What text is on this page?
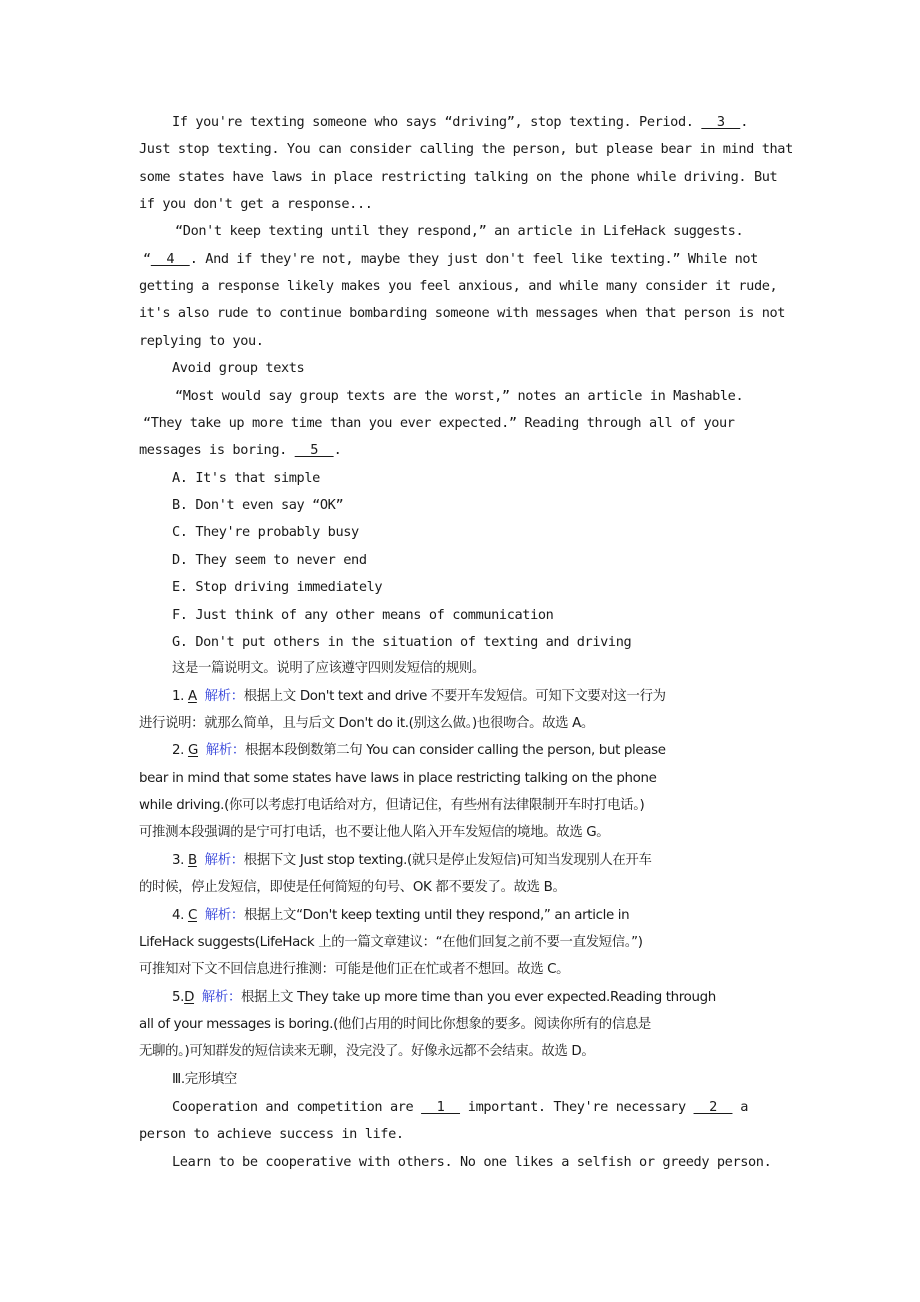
If you're texting someone who says “driving”, stop texting. Period.   3  .
Just stop texting. You can consider calling the person, but please bear in mind that
some states have laws in place restricting talking on the phone while driving. But
if you don't get a response...
“Don't keep texting until they respond,” an article in LifeHack suggests.
“  4  . And if they're not, maybe they just don't feel like texting.” While not
getting a response likely makes you feel anxious, and while many consider it rude,
it's also rude to continue bombarding someone with messages when that person is not
replying to you.
Avoid group texts
“Most would say group texts are the worst,” notes an article in Mashable.
“They take up more time than you ever expected.” Reading through all of your
messages is boring.   5  .
A. It's that simple
B. Don't even say “OK”
C. They're probably busy
D. They seem to never end
E. Stop driving immediately
F. Just think of any other means of communication
G. Don't put others in the situation of texting and driving
这是一篇说明文。说明了应该遵守四则发短信的规则。
1. A 解析：根据上文 Don't text and drive 不要开车发短信。可知下文要对这一行为
进行说明：就那么简单，且与后文 Don't do it.(别这么做。)也很吻合。故选 A。
2. G 解析：根据本段倒数第二句 You can consider calling the person, but please
bear in mind that some states have laws in place restricting talking on the phone
while driving.(你可以考虑打电话给对方，但请记住，有些州有法律限制开车时打电话。)
可推测本段强调的是宁可打电话，也不要让他人陷入开车发短信的境地。故选 G。
3. B 解析：根据下文 Just stop texting.(就只是停止发短信)可知当发现别人在开车
的时候，停止发短信，即使是任何简短的句号、OK 都不要发了。故选 B。
4. C 解析：根据上文“Don't keep texting until they respond,” an article in
LifeHack suggests(LifeHack 上的一篇文章建议：“在他们回复之前不要一直发短信。”)
可推知对下文不回信息进行推测：可能是他们正在忙或者不想回。故选 C。
5.D 解析：根据上文 They take up more time than you ever expected.Reading through
all of your messages is boring.(他们占用的时间比你想象的要多。阅读你所有的信息是
无聊的。)可知群发的短信读来无聊，没完没了。好像永远都不会结束。故选 D。
Ⅲ.完形填空
Cooperation and competition are   1   important. They're necessary   2   a
person to achieve success in life.
Learn to be cooperative with others. No one likes a selfish or greedy person.
